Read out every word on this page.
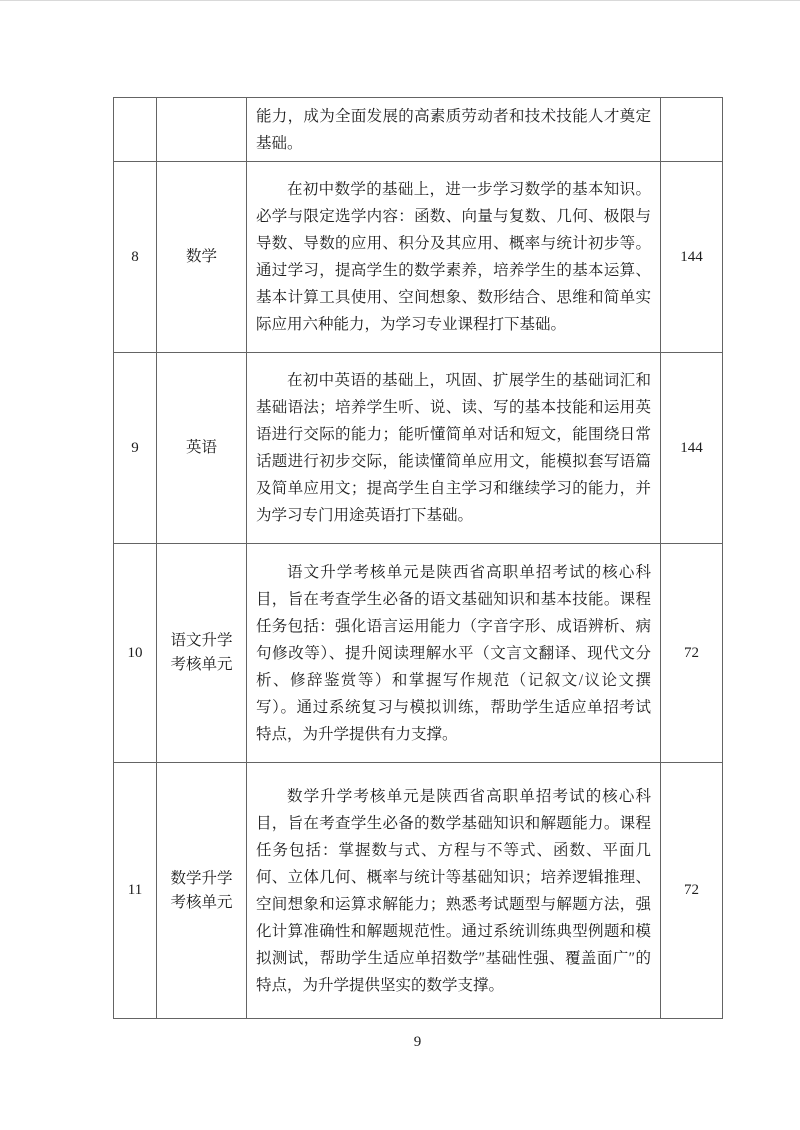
		能力，成为全面发展的高素质劳动者和技术技能人才奠定基础。	
8	数学	在初中数学的基础上，进一步学习数学的基本知识。必学与限定选学内容：函数、向量与复数、几何、极限与导数、导数的应用、积分及其应用、概率与统计初步等。通过学习，提高学生的数学素养，培养学生的基本运算、基本计算工具使用、空间想象、数形结合、思维和简单实际应用六种能力，为学习专业课程打下基础。	144
9	英语	在初中英语的基础上，巩固、扩展学生的基础词汇和基础语法；培养学生听、说、读、写的基本技能和运用英语进行交际的能力；能听懂简单对话和短文，能围绕日常话题进行初步交际，能读懂简单应用文，能模拟套写语篇及简单应用文；提高学生自主学习和继续学习的能力，并为学习专门用途英语打下基础。	144
10	语文升学考核单元	语文升学考核单元是陕西省高职单招考试的核心科目，旨在考查学生必备的语文基础知识和基本技能。课程任务包括：强化语言运用能力（字音字形、成语辨析、病句修改等）、提升阅读理解水平（文言文翻译、现代文分析、修辞鉴赏等）和掌握写作规范（记叙文/议论文撰写）。通过系统复习与模拟训练，帮助学生适应单招考试特点，为升学提供有力支撑。	72
11	数学升学考核单元	数学升学考核单元是陕西省高职单招考试的核心科目，旨在考查学生必备的数学基础知识和解题能力。课程任务包括：掌握数与式、方程与不等式、函数、平面几何、立体几何、概率与统计等基础知识；培养逻辑推理、空间想象和运算求解能力；熟悉考试题型与解题方法，强化计算准确性和解题规范性。通过系统训练典型例题和模拟测试，帮助学生适应单招数学″基础性强、覆盖面广″的特点，为升学提供坚实的数学支撑。	72
9
